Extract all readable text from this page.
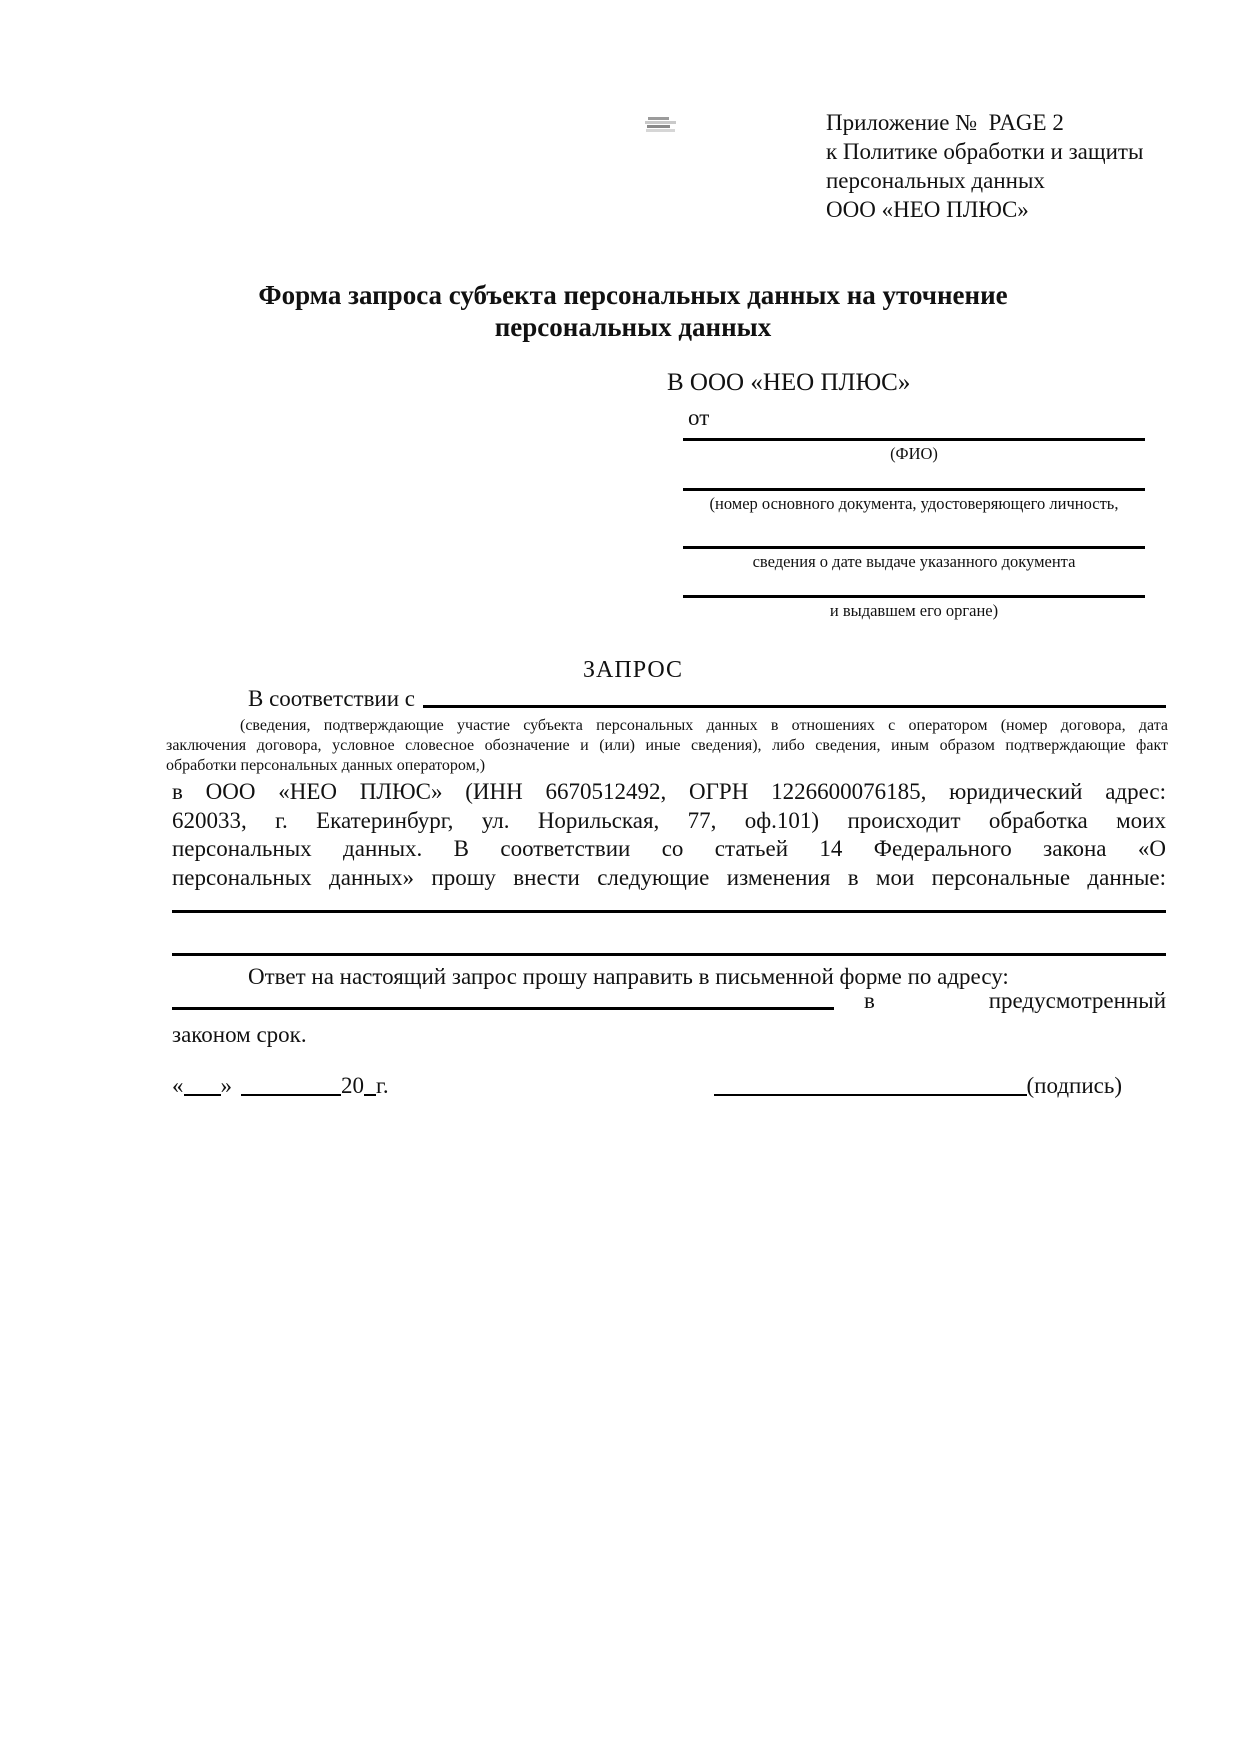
Приложение №  PAGE 2
к Политике обработки и защиты
персональных данных
ООО «НЕО ПЛЮС»
Форма запроса субъекта персональных данных на уточнение
персональных данных
В ООО «НЕО ПЛЮС»
от
(ФИО)
(номер основного документа, удостоверяющего личность,
сведения о дате выдаче указанного документа
и выдавшем его органе)
ЗАПРОС
В соответствии с
(сведения, подтверждающие участие субъекта персональных данных в отношениях с оператором (номер договора, дата
заключения договора, условное словесное обозначение и (или) иные сведения), либо сведения, иным образом подтверждающие факт
обработки персональных данных оператором,)
в ООО «НЕО ПЛЮС» (ИНН 6670512492, ОГРН 1226600076185, юридический адрес:
620033, г. Екатеринбург, ул. Норильская, 77, оф.101) происходит обработка моих
персональных данных. В соответствии со статьей 14 Федерального закона «О
персональных данных» прошу внести следующие изменения в мои персональные данные:
Ответ на настоящий запрос прошу направить в письменной форме по адресу:
в	предусмотренный
законом срок.
« »	20 г.	(подпись)
